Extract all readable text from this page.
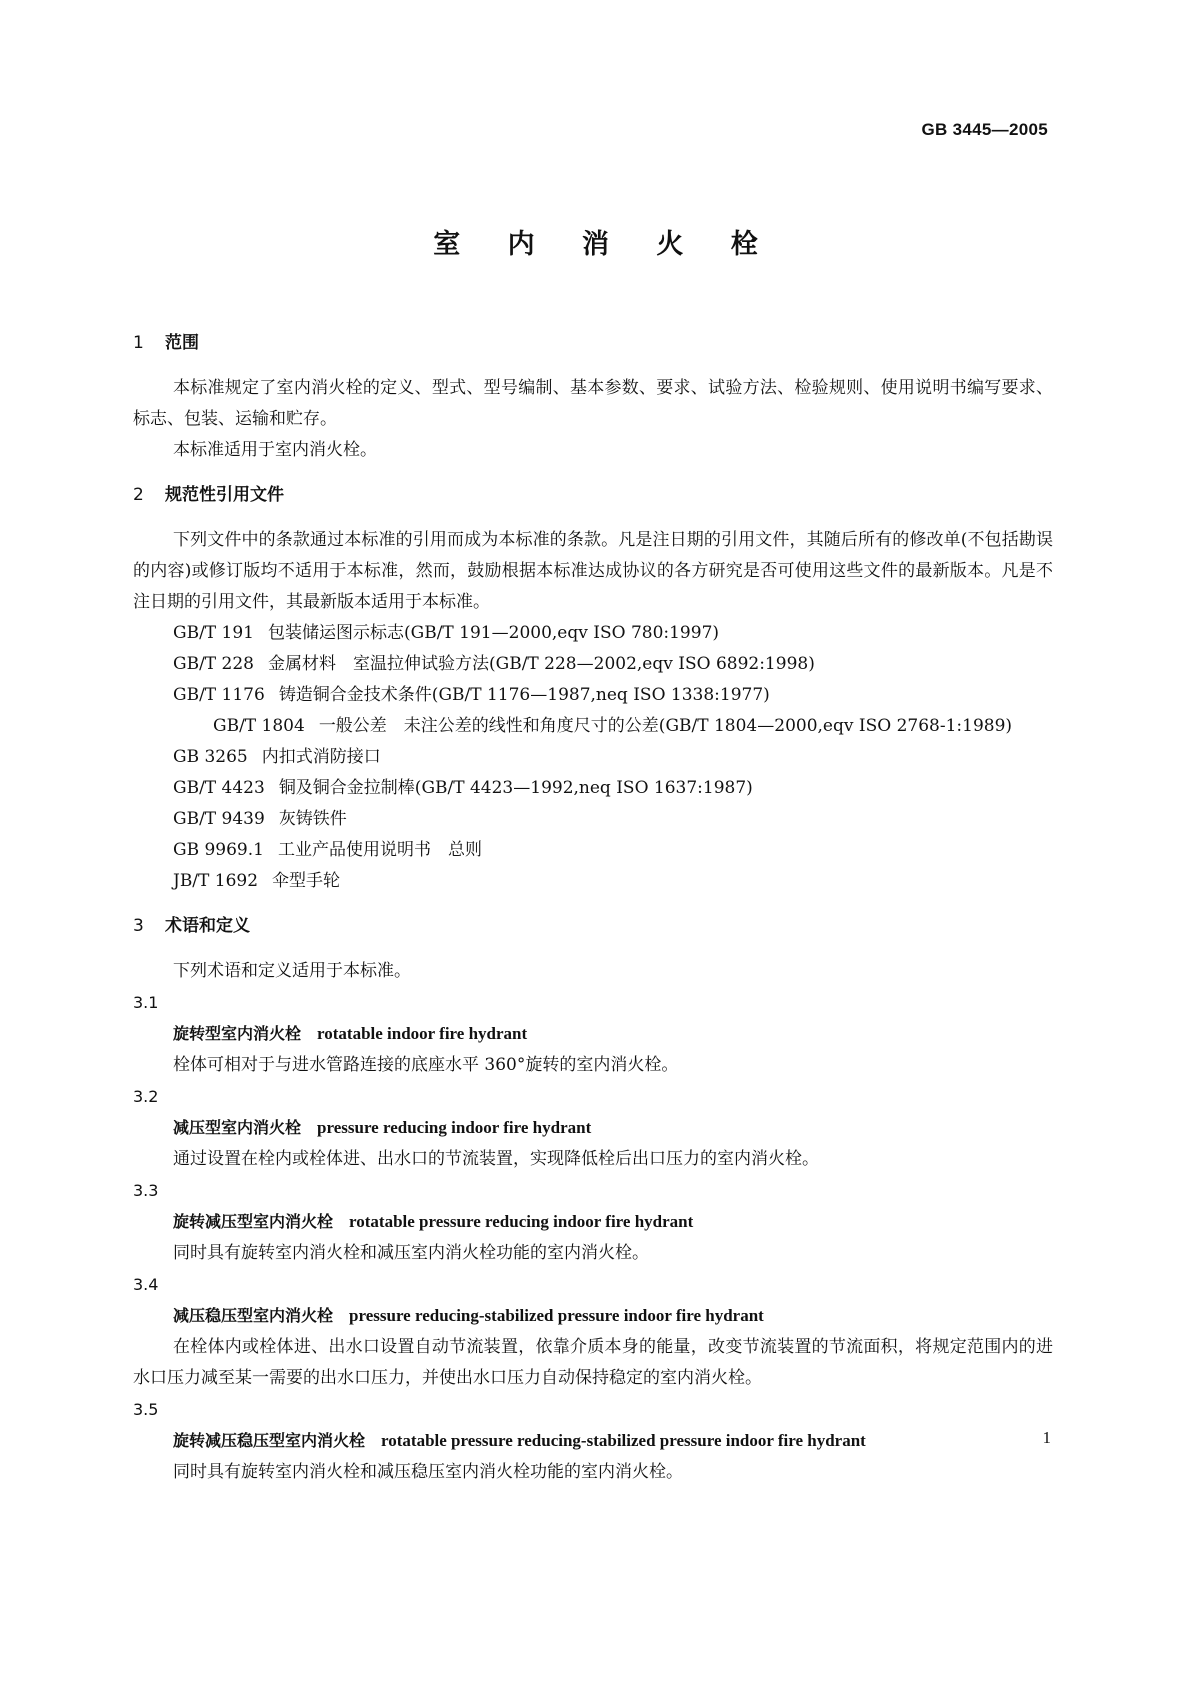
GB 3445—2005
室 内 消 火 栓
1 范围

本标准规定了室内消火栓的定义、型式、型号编制、基本参数、要求、试验方法、检验规则、使用说明书编写要求、标志、包装、运输和贮存。

本标准适用于室内消火栓。

2 规范性引用文件

下列文件中的条款通过本标准的引用而成为本标准的条款。凡是注日期的引用文件，其随后所有的修改单(不包括勘误的内容)或修订版均不适用于本标准，然而，鼓励根据本标准达成协议的各方研究是否可使用这些文件的最新版本。凡是不注日期的引用文件，其最新版本适用于本标准。

GB/T 191 包装储运图示标志(GB/T 191—2000,eqv ISO 780:1997)

GB/T 228 金属材料　室温拉伸试验方法(GB/T 228—2002,eqv ISO 6892:1998)

GB/T 1176 铸造铜合金技术条件(GB/T 1176—1987,neq ISO 1338:1977)

GB/T 1804 一般公差　未注公差的线性和角度尺寸的公差(GB/T 1804—2000,eqv ISO 2768-1:1989)

GB 3265 内扣式消防接口

GB/T 4423 铜及铜合金拉制棒(GB/T 4423—1992,neq ISO 1637:1987)

GB/T 9439 灰铸铁件

GB 9969.1 工业产品使用说明书　总则

JB/T 1692 伞型手轮

3 术语和定义

下列术语和定义适用于本标准。

3.1

旋转型室内消火栓 rotatable indoor fire hydrant

栓体可相对于与进水管路连接的底座水平 360°旋转的室内消火栓。

3.2

减压型室内消火栓 pressure reducing indoor fire hydrant

通过设置在栓内或栓体进、出水口的节流装置，实现降低栓后出口压力的室内消火栓。

3.3

旋转减压型室内消火栓 rotatable pressure reducing indoor fire hydrant

同时具有旋转室内消火栓和减压室内消火栓功能的室内消火栓。

3.4

减压稳压型室内消火栓 pressure reducing-stabilized pressure indoor fire hydrant

在栓体内或栓体进、出水口设置自动节流装置，依靠介质本身的能量，改变节流装置的节流面积，将规定范围内的进水口压力减至某一需要的出水口压力，并使出水口压力自动保持稳定的室内消火栓。

3.5

旋转减压稳压型室内消火栓 rotatable pressure reducing-stabilized pressure indoor fire hydrant

同时具有旋转室内消火栓和减压稳压室内消火栓功能的室内消火栓。

1
